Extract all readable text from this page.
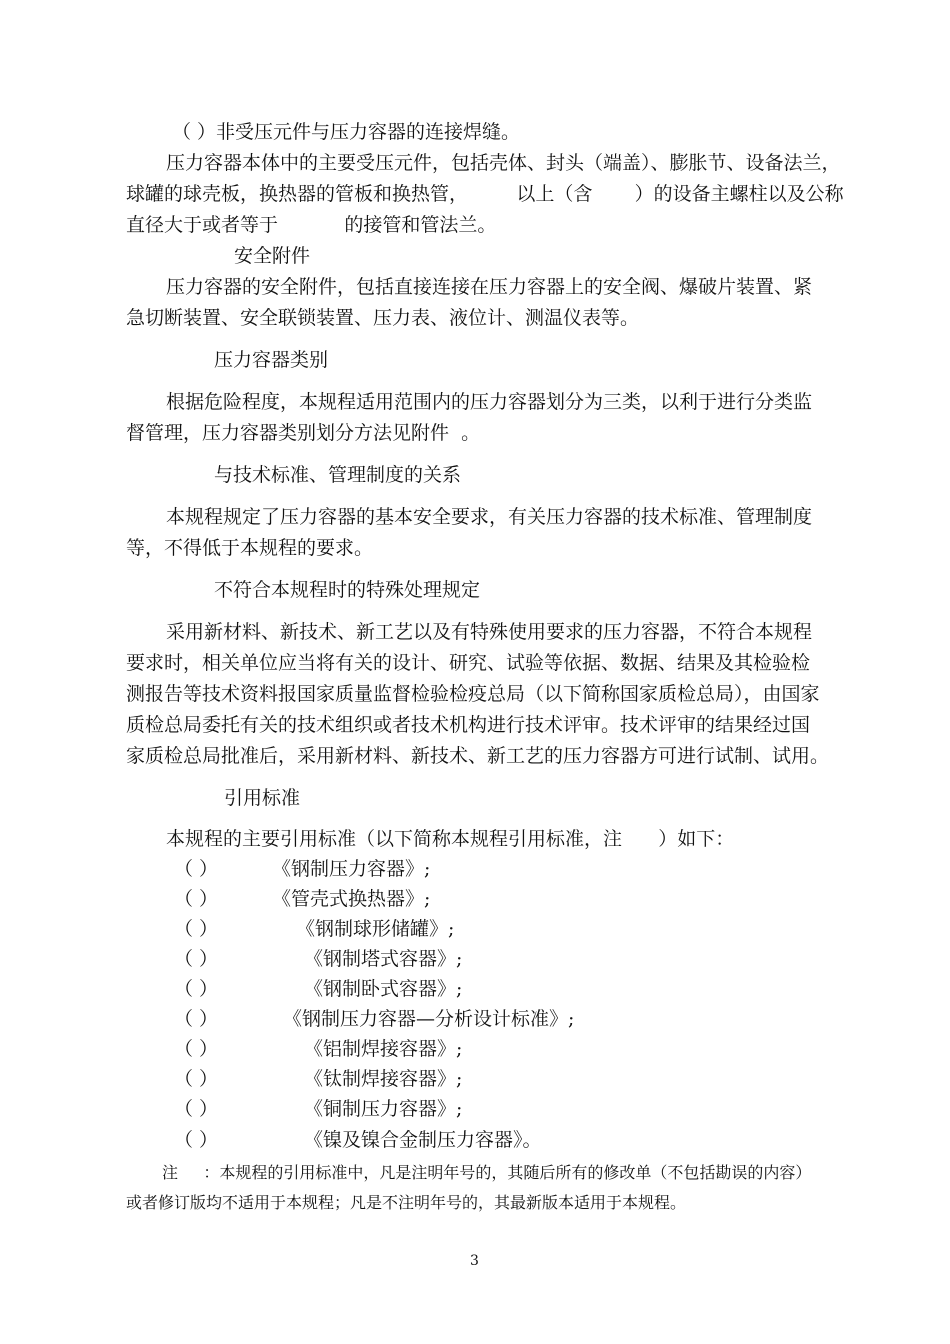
（ ）非受压元件与压力容器的连接焊缝。
压力容器本体中的主要受压元件，包括壳体、封头（端盖）、膨胀节、设备法兰，
球罐的球壳板，换热器的管板和换热管，        以上（含       ）的设备主螺柱以及公称
直径大于或者等于           的接管和管法兰。
安全附件
压力容器的安全附件，包括直接连接在压力容器上的安全阀、爆破片装置、紧
急切断装置、安全联锁装置、压力表、液位计、测温仪表等。
压力容器类别
根据危险程度，本规程适用范围内的压力容器划分为三类，以利于进行分类监
督管理，压力容器类别划分方法见附件  。
与技术标准、管理制度的关系
本规程规定了压力容器的基本安全要求，有关压力容器的技术标准、管理制度
等，不得低于本规程的要求。
不符合本规程时的特殊处理规定
采用新材料、新技术、新工艺以及有特殊使用要求的压力容器，不符合本规程
要求时，相关单位应当将有关的设计、研究、试验等依据、数据、结果及其检验检
测报告等技术资料报国家质量监督检验检疫总局（以下简称国家质检总局），由国家
质检总局委托有关的技术组织或者技术机构进行技术评审。技术评审的结果经过国
家质检总局批准后，采用新材料、新技术、新工艺的压力容器方可进行试制、试用。
引用标准
本规程的主要引用标准（以下简称本规程引用标准，注      ）如下：
（ ）	《钢制压力容器》;
（ ）	《管壳式换热器》;
（ ）	《钢制球形储罐》;
（ ）	《钢制塔式容器》;
（ ）	《钢制卧式容器》;
（ ）	《钢制压力容器—分析设计标准》;
（ ）	《铝制焊接容器》;
（ ）	《钛制焊接容器》;
（ ）	《铜制压力容器》;
（ ）	《镍及镍合金制压力容器》。
注     ：本规程的引用标准中，凡是注明年号的，其随后所有的修改单（不包括勘误的内容）
或者修订版均不适用于本规程；凡是不注明年号的，其最新版本适用于本规程。
3
